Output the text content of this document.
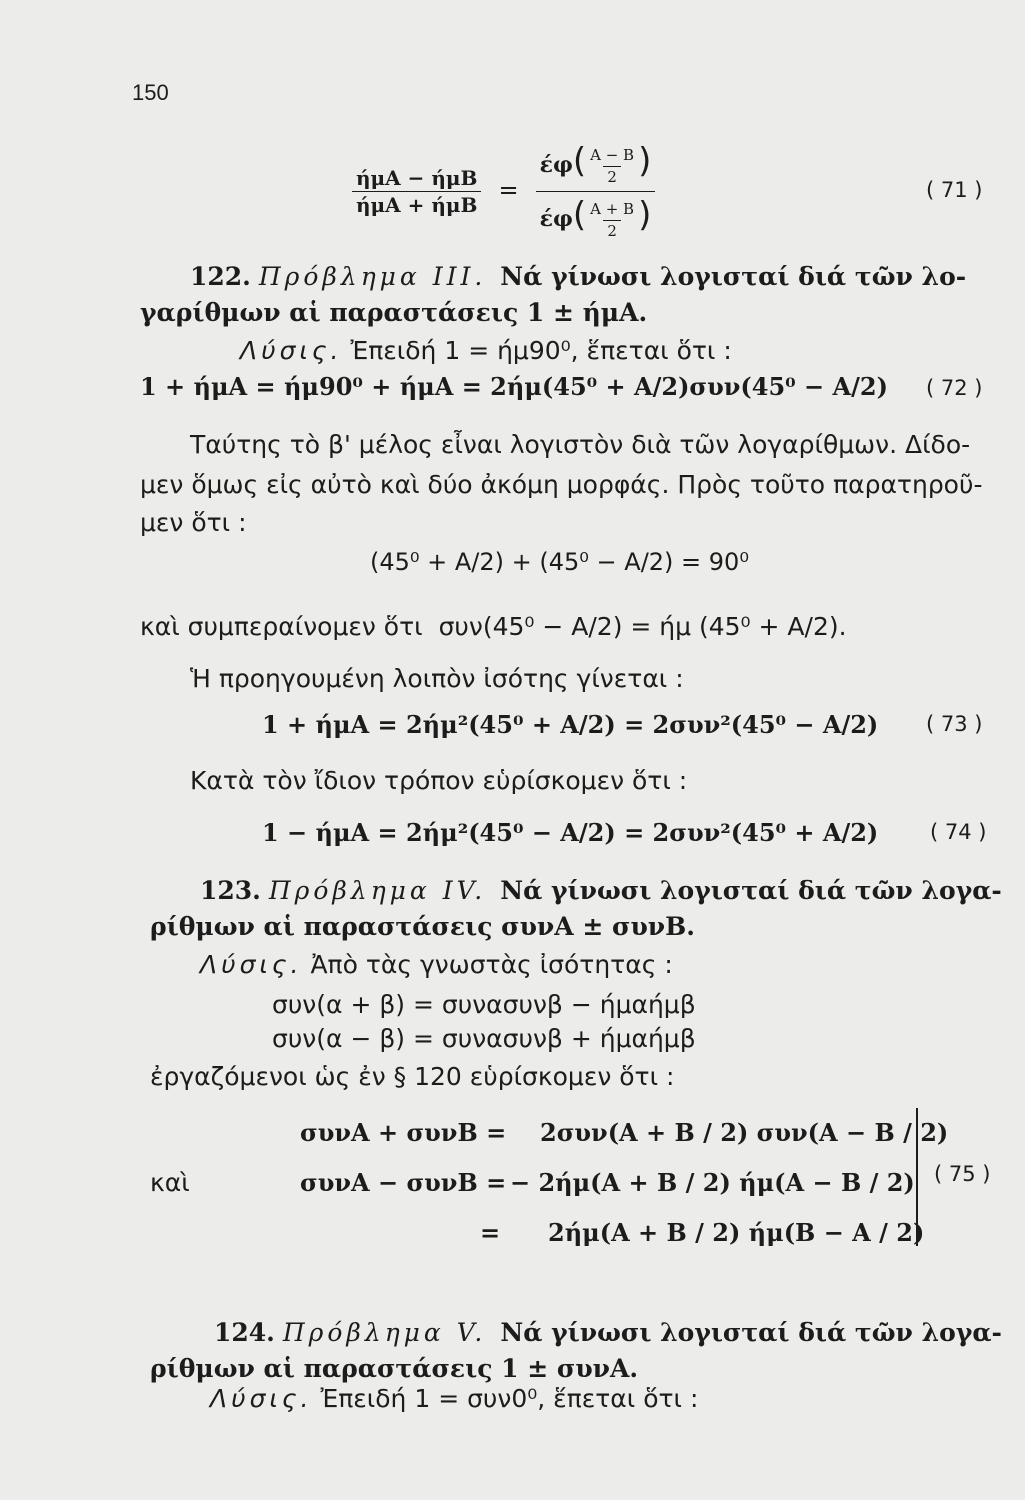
150
$\frac{\text{ήμΑ − ήμΒ}}{\text{ήμΑ + ήμΒ}} = \frac{έ\varphi( \frac{A - B}{2} )}{έ\varphi( \frac{A + B}{2} )}$	( 71 )
122. Πρόβλημα III. Νά γίνωσι λογισταί διά τῶν λο-
γαρίθμων αἱ παραστάσεις 1 ± ήμΑ.
Λύσις. Ἐπειδή 1 = ήμ90⁰, ἕπεται ὅτι :
1 + ήμΑ = ήμ90⁰ + ήμΑ = 2ήμ(45⁰ + A/2)συν(45⁰ − A/2) ( 72 )
Ταύτης τὸ β' μέλος εἶναι λογιστὸν διὰ τῶν λογαρίθμων. Δίδο-
μεν ὅμως εἰς αὐτὸ καὶ δύο ἀκόμη μορφάς. Πρὸς τοῦτο παρατηροῦ-
μεν ὅτι :
(45⁰ + A/2) + (45⁰ − A/2) = 90⁰
καὶ συμπεραίνομεν ὅτι συν(45⁰ − A/2) = ήμ (45⁰ + A/2).
Ἡ προηγουμένη λοιπὸν ἰσότης γίνεται :
1 + ήμΑ = 2ήμ²(45⁰ + A/2) = 2συν²(45⁰ − A/2) ( 73 )
Κατὰ τὸν ἴδιον τρόπον εὑρίσκομεν ὅτι :
1 − ήμΑ = 2ήμ²(45⁰ − A/2) = 2συν²(45⁰ + A/2) ( 74 )
123. Πρόβλημα IV. Νά γίνωσι λογισταί διά τῶν λογα-
ρίθμων αἱ παραστάσεις συνΑ ± συνΒ.
Λύσις. Ἀπὸ τὰς γνωστὰς ἰσότητας :
συν(α + β) = συνασυνβ − ήμαήμβ
συν(α − β) = συνασυνβ + ήμαήμβ
ἐργαζόμενοι ὡς ἐν § 120 εὑρίσκομεν ὅτι :
συνΑ + συνΒ = 2συν(A + B / 2) συν(A − B / 2)
καὶ	συνΑ − συνΒ = − 2ήμ(A + B / 2) ήμ(A − B / 2)
= 2ήμ(A + B / 2) ήμ(B − A / 2)
( 75 )
124. Πρόβλημα V. Νά γίνωσι λογισταί διά τῶν λογα-
ρίθμων αἱ παραστάσεις 1 ± συνΑ.
Λύσις. Ἐπειδή 1 = συν0⁰, ἕπεται ὅτι :
